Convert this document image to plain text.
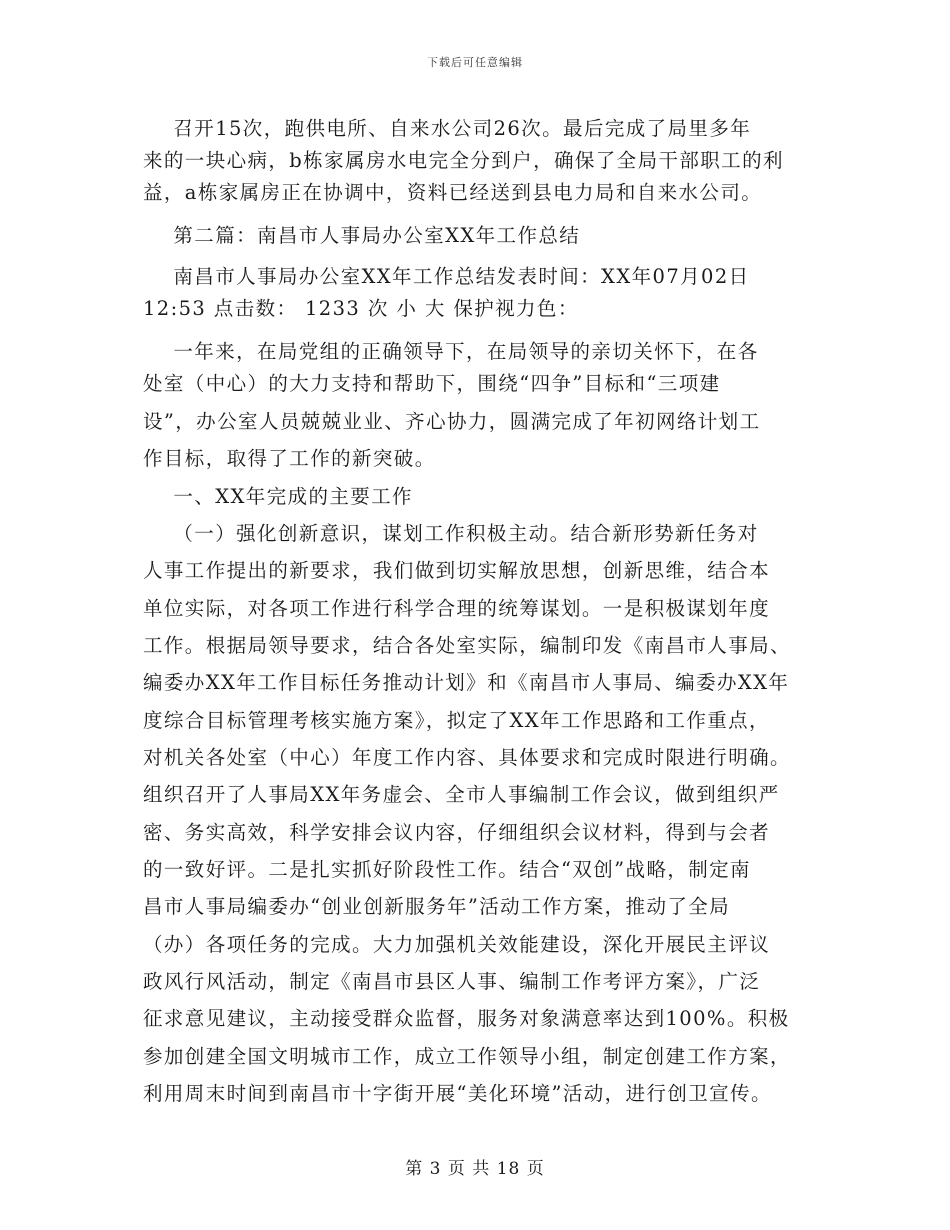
下载后可任意编辑
召开15次，跑供电所、自来水公司26次。最后完成了局里多年
来的一块心病，b栋家属房水电完全分到户，确保了全局干部职工的利
益，a栋家属房正在协调中，资料已经送到县电力局和自来水公司。
第二篇：南昌市人事局办公室XX年工作总结
南昌市人事局办公室XX年工作总结发表时间：XX年07月02日
12:53 点击数： 1233 次 小 大 保护视力色：
一年来，在局党组的正确领导下，在局领导的亲切关怀下，在各
处室（中心）的大力支持和帮助下，围绕“四争”目标和“三项建
设”，办公室人员兢兢业业、齐心协力，圆满完成了年初网络计划工
作目标，取得了工作的新突破。
一、XX年完成的主要工作
（一）强化创新意识，谋划工作积极主动。结合新形势新任务对
人事工作提出的新要求，我们做到切实解放思想，创新思维，结合本
单位实际，对各项工作进行科学合理的统筹谋划。一是积极谋划年度
工作。根据局领导要求，结合各处室实际，编制印发《南昌市人事局、
编委办XX年工作目标任务推动计划》和《南昌市人事局、编委办XX年
度综合目标管理考核实施方案》，拟定了XX年工作思路和工作重点，
对机关各处室（中心）年度工作内容、具体要求和完成时限进行明确。
组织召开了人事局XX年务虚会、全市人事编制工作会议，做到组织严
密、务实高效，科学安排会议内容，仔细组织会议材料，得到与会者
的一致好评。二是扎实抓好阶段性工作。结合“双创”战略，制定南
昌市人事局编委办“创业创新服务年”活动工作方案，推动了全局
（办）各项任务的完成。大力加强机关效能建设，深化开展民主评议
政风行风活动，制定《南昌市县区人事、编制工作考评方案》，广泛
征求意见建议，主动接受群众监督，服务对象满意率达到100%。积极
参加创建全国文明城市工作，成立工作领导小组，制定创建工作方案，
利用周末时间到南昌市十字街开展“美化环境”活动，进行创卫宣传。
第 3 页 共 18 页
